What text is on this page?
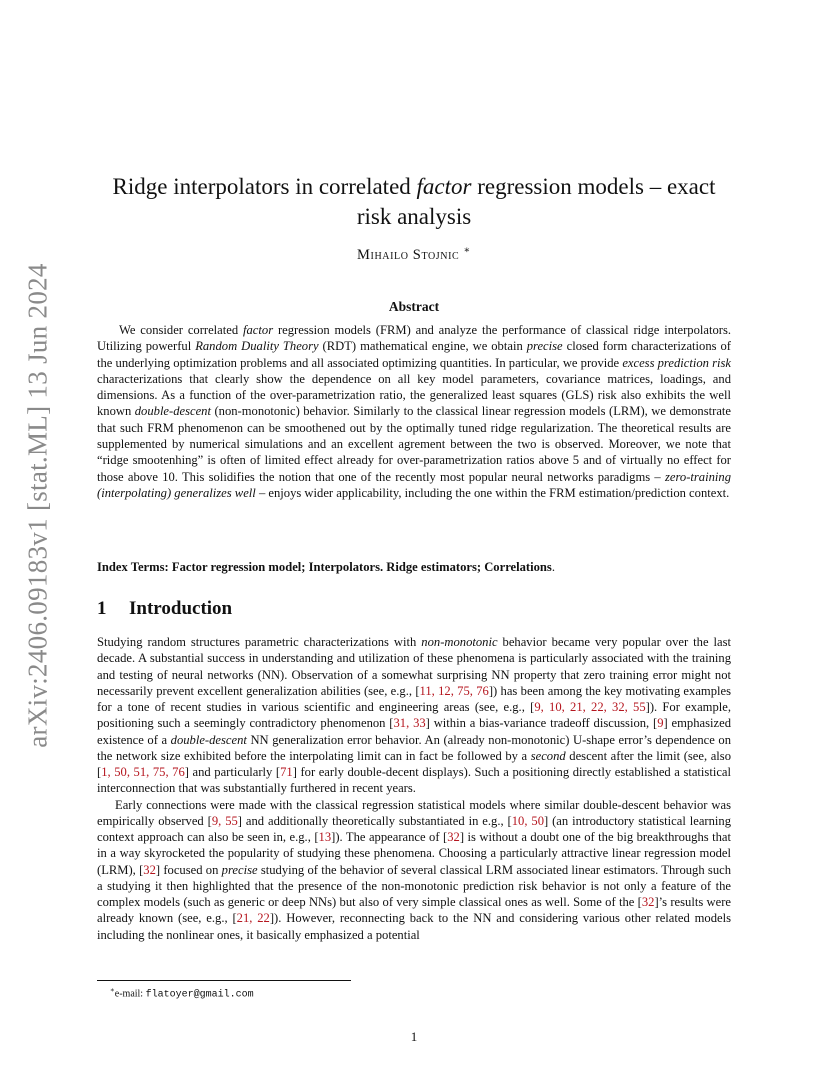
arXiv:2406.09183v1 [stat.ML] 13 Jun 2024
Ridge interpolators in correlated factor regression models – exact risk analysis
Mihailo Stojnic ∗
Abstract

We consider correlated factor regression models (FRM) and analyze the performance of classical ridge interpolators. Utilizing powerful Random Duality Theory (RDT) mathematical engine, we obtain precise closed form characterizations of the underlying optimization problems and all associated optimizing quantities. In particular, we provide excess prediction risk characterizations that clearly show the dependence on all key model parameters, covariance matrices, loadings, and dimensions. As a function of the over-parametrization ratio, the generalized least squares (GLS) risk also exhibits the well known double-descent (non-monotonic) behavior. Similarly to the classical linear regression models (LRM), we demonstrate that such FRM phenomenon can be smoothened out by the optimally tuned ridge regularization. The theoretical results are supplemented by numerical simulations and an excellent agrement between the two is observed. Moreover, we note that “ridge smootenhing” is often of limited effect already for over-parametrization ratios above 5 and of virtually no effect for those above 10. This solidifies the notion that one of the recently most popular neural networks paradigms – zero-training (interpolating) generalizes well – enjoys wider applicability, including the one within the FRM estimation/prediction context.

Index Terms: Factor regression model; Interpolators. Ridge estimators; Correlations.

1 Introduction

Studying random structures parametric characterizations with non-monotonic behavior became very popular over the last decade. A substantial success in understanding and utilization of these phenomena is particularly associated with the training and testing of neural networks (NN). Observation of a somewhat surprising NN property that zero training error might not necessarily prevent excellent generalization abilities (see, e.g., [11, 12, 75, 76]) has been among the key motivating examples for a tone of recent studies in various scientific and engineering areas (see, e.g., [9, 10, 21, 22, 32, 55]). For example, positioning such a seemingly contradictory phenomenon [31, 33] within a bias-variance tradeoff discussion, [9] emphasized existence of a double-descent NN generalization error behavior. An (already non-monotonic) U-shape error’s dependence on the network size exhibited before the interpolating limit can in fact be followed by a second descent after the limit (see, also [1, 50, 51, 75, 76] and particularly [71] for early double-decent displays). Such a positioning directly established a statistical interconnection that was substantially furthered in recent years.

Early connections were made with the classical regression statistical models where similar double-descent behavior was empirically observed [9, 55] and additionally theoretically substantiated in e.g., [10, 50] (an introductory statistical learning context approach can also be seen in, e.g., [13]). The appearance of [32] is without a doubt one of the big breakthroughs that in a way skyrocketed the popularity of studying these phenomena. Choosing a particularly attractive linear regression model (LRM), [32] focused on precise studying of the behavior of several classical LRM associated linear estimators. Through such a studying it then highlighted that the presence of the non-monotonic prediction risk behavior is not only a feature of the complex models (such as generic or deep NNs) but also of very simple classical ones as well. Some of the [32]’s results were already known (see, e.g., [21, 22]). However, reconnecting back to the NN and considering various other related models including the nonlinear ones, it basically emphasized a potential

∗e-mail: flatoyer@gmail.com
1
